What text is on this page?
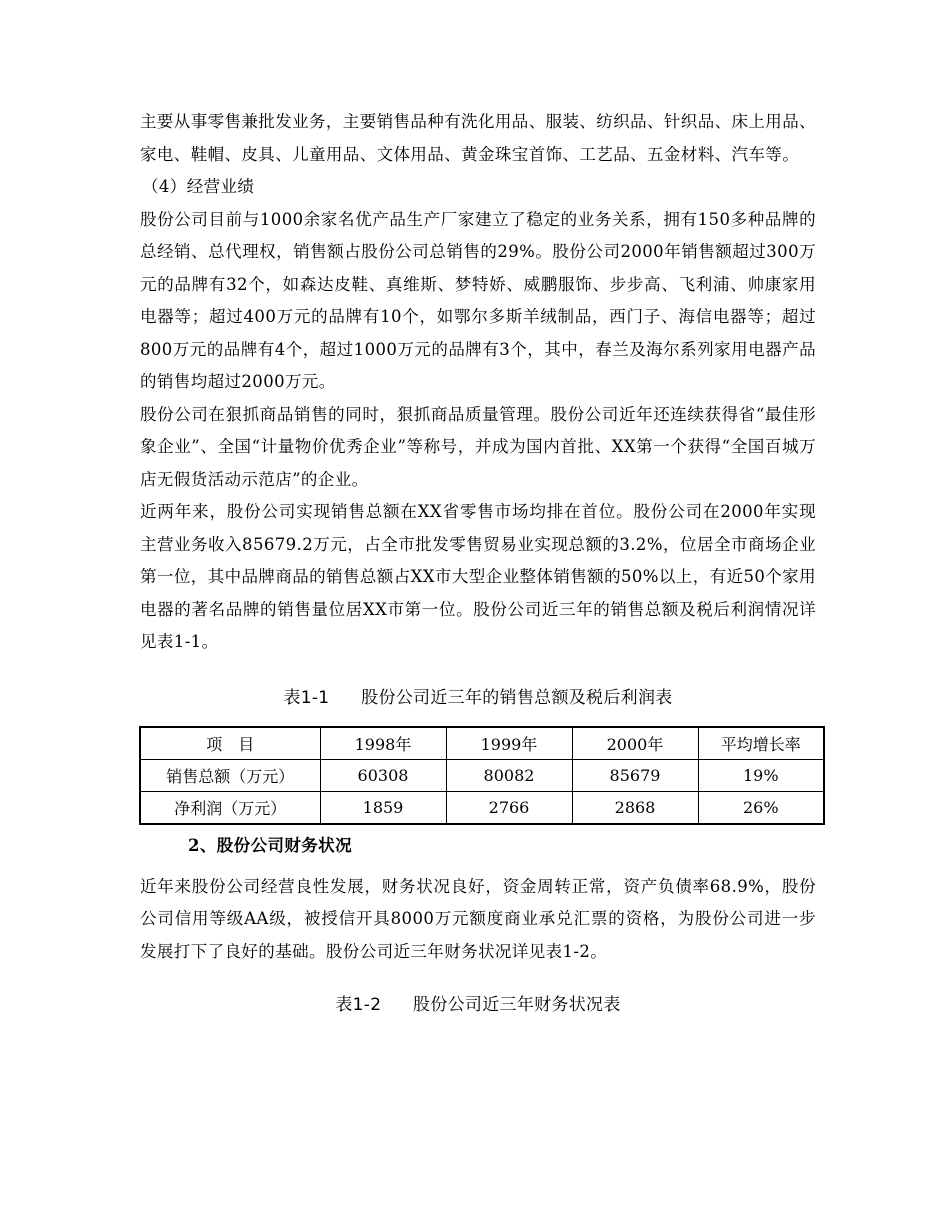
主要从事零售兼批发业务，主要销售品种有洗化用品、服装、纺织品、针织品、床上用品、家电、鞋帽、皮具、儿童用品、文体用品、黄金珠宝首饰、工艺品、五金材料、汽车等。

（4）经营业绩

股份公司目前与1000余家名优产品生产厂家建立了稳定的业务关系，拥有150多种品牌的总经销、总代理权，销售额占股份公司总销售的29%。股份公司2000年销售额超过300万元的品牌有32个，如森达皮鞋、真维斯、梦特娇、威鹏服饰、步步高、飞利浦、帅康家用电器等；超过400万元的品牌有10个，如鄂尔多斯羊绒制品，西门子、海信电器等；超过800万元的品牌有4个，超过1000万元的品牌有3个，其中，春兰及海尔系列家用电器产品的销售均超过2000万元。

股份公司在狠抓商品销售的同时，狠抓商品质量管理。股份公司近年还连续获得省“最佳形象企业”、全国“计量物价优秀企业”等称号，并成为国内首批、XX第一个获得“全国百城万店无假货活动示范店”的企业。

近两年来，股份公司实现销售总额在XX省零售市场均排在首位。股份公司在2000年实现主营业务收入85679.2万元，占全市批发零售贸易业实现总额的3.2%，位居全市商场企业第一位，其中品牌商品的销售总额占XX市大型企业整体销售额的50%以上，有近50个家用电器的著名品牌的销售量位居XX市第一位。股份公司近三年的销售总额及税后利润情况详见表1-1。

表1-1 股份公司近三年的销售总额及税后利润表
项　目	1998年	1999年	2000年	平均增长率
销售总额（万元）	60308	80082	85679	19%
净利润（万元）	1859	2766	2868	26%
2、股份公司财务状况

近年来股份公司经营良性发展，财务状况良好，资金周转正常，资产负债率68.9%，股份公司信用等级AA级，被授信开具8000万元额度商业承兑汇票的资格，为股份公司进一步发展打下了良好的基础。股份公司近三年财务状况详见表1-2。

表1-2 股份公司近三年财务状况表
